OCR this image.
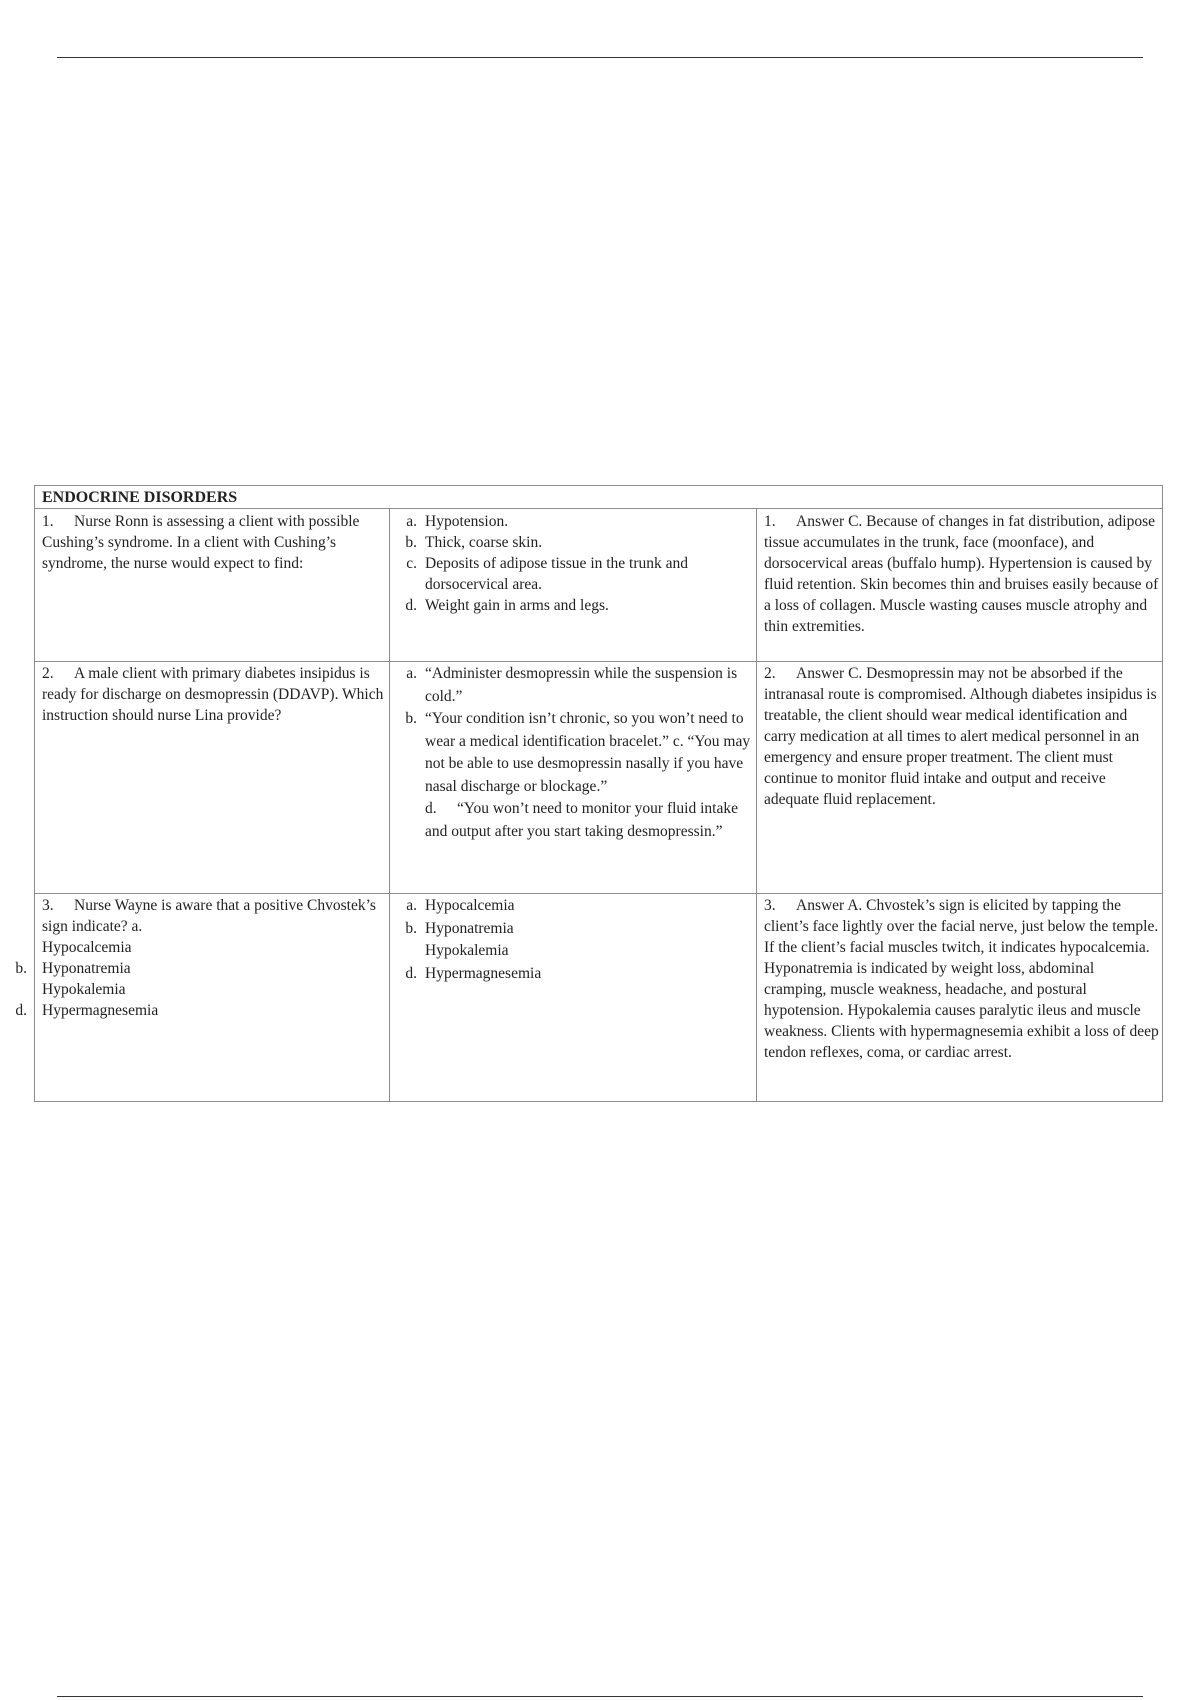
ENDOCRINE DISORDERS

1. Nurse Ronn is assessing a client with possible Cushing’s syndrome. In a client with Cushing’s syndrome, the nurse would expect to find:

a. Hypotension.
b. Thick, coarse skin.
c. Deposits of adipose tissue in the trunk and dorsocervical area.
d. Weight gain in arms and legs.
1. Answer C. Because of changes in fat distribution, adipose tissue accumulates in the trunk, face (moonface), and dorsocervical areas (buffalo hump). Hypertension is caused by fluid retention. Skin becomes thin and bruises easily because of a loss of collagen. Muscle wasting causes muscle atrophy and thin extremities.

2. A male client with primary diabetes insipidus is ready for discharge on desmopressin (DDAVP). Which instruction should nurse Lina provide?

a. “Administer desmopressin while the suspension is cold.”
b. “Your condition isn’t chronic, so you won’t need to wear a medical identification bracelet.” c. “You may not be able to use desmopressin nasally if you have nasal discharge or blockage.”
d. “You won’t need to monitor your fluid intake and output after you start taking desmopressin.”
2. Answer C. Desmopressin may not be absorbed if the intranasal route is compromised. Although diabetes insipidus is treatable, the client should wear medical identification and carry medication at all times to alert medical personnel in an emergency and ensure proper treatment. The client must continue to monitor fluid intake and output and receive adequate fluid replacement.

3. Nurse Wayne is aware that a positive Chvostek’s sign indicate? a.

Hypocalcemia
b. Hyponatremia
Hypokalemia
d. Hypermagnesemia
a. Hypocalcemia
b. Hyponatremia
Hypokalemia
d. Hypermagnesemia
3. Answer A. Chvostek’s sign is elicited by tapping the client’s face lightly over the facial nerve, just below the temple. If the client’s facial muscles twitch, it indicates hypocalcemia. Hyponatremia is indicated by weight loss, abdominal cramping, muscle weakness, headache, and postural hypotension. Hypokalemia causes paralytic ileus and muscle weakness. Clients with hypermagnesemia exhibit a loss of deep tendon reflexes, coma, or cardiac arrest.
